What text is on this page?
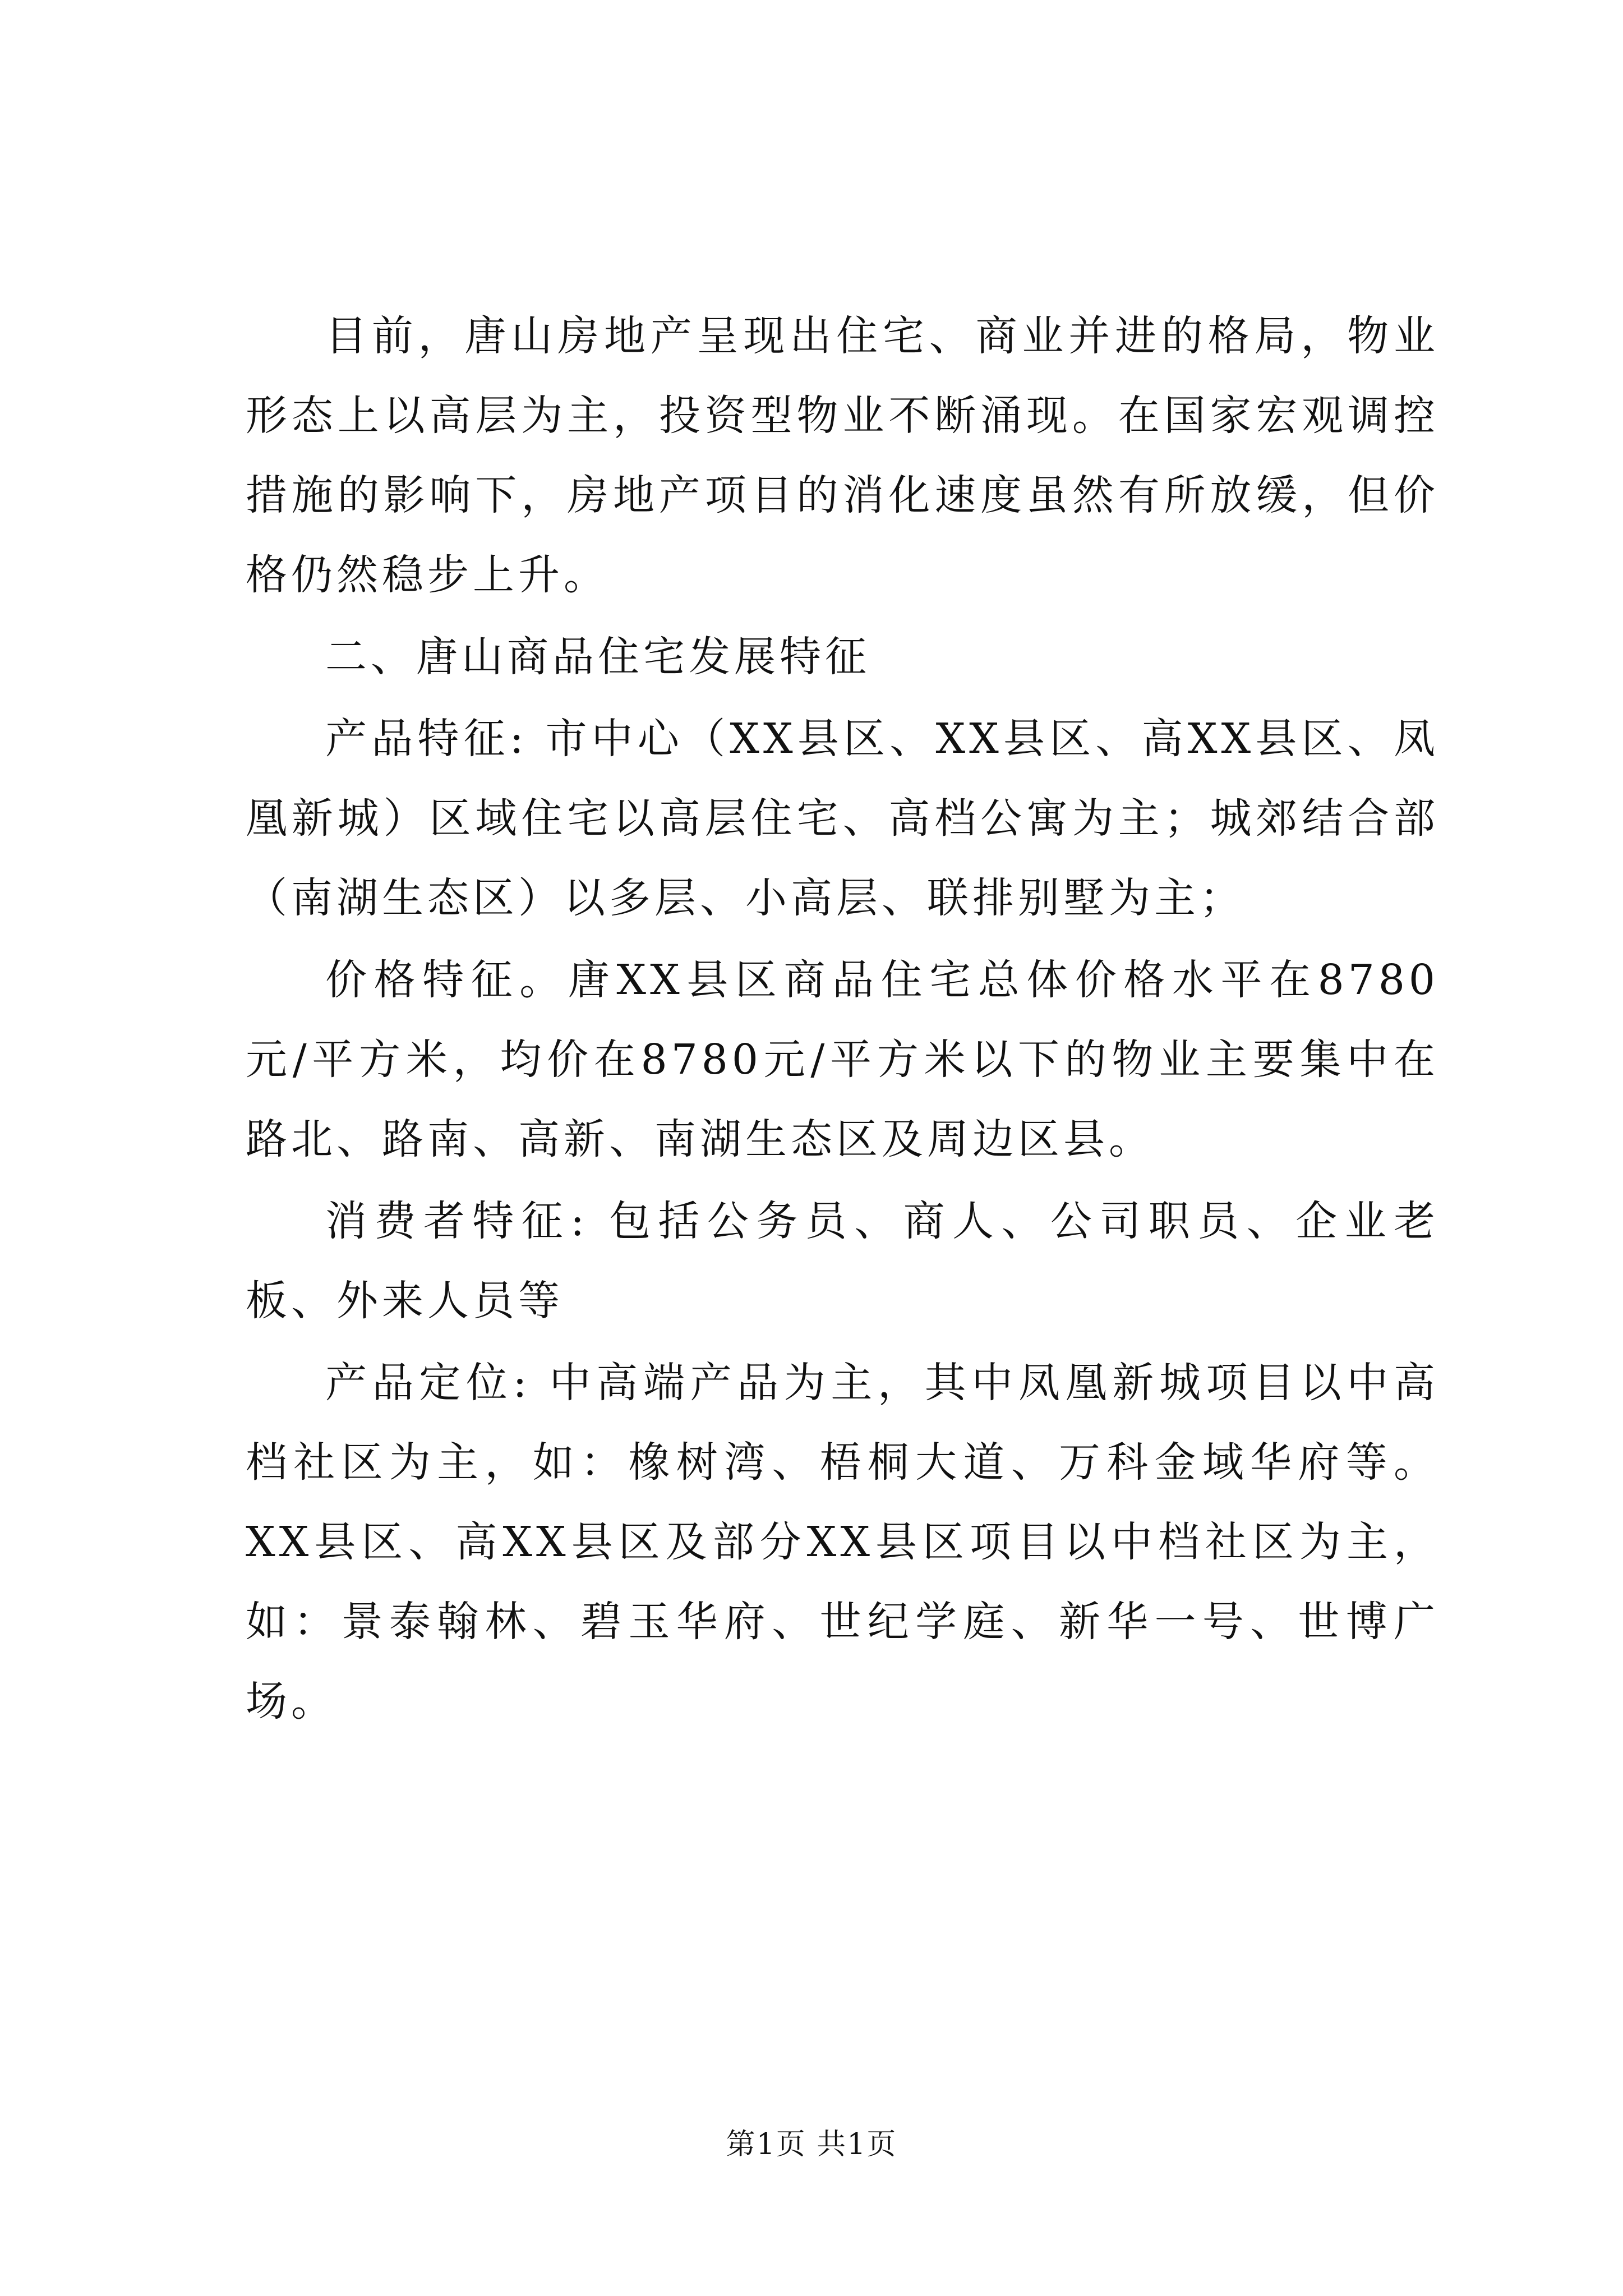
目前，唐山房地产呈现出住宅、商业并进的格局，物业形态上以高层为主，投资型物业不断涌现。在国家宏观调控措施的影响下，房地产项目的消化速度虽然有所放缓，但价格仍然稳步上升。

二、唐山商品住宅发展特征

产品特征: 市中心（XX县区、XX县区、高XX县区、凤凰新城）区域住宅以高层住宅、高档公寓为主；城郊结合部（南湖生态区）以多层、小高层、联排别墅为主；

价格特征。唐XX县区商品住宅总体价格水平在8780元/平方米，均价在8780元/平方米以下的物业主要集中在路北、路南、高新、南湖生态区及周边区县。

消费者特征: 包括公务员、商人、公司职员、企业老板、外来人员等

产品定位: 中高端产品为主，其中凤凰新城项目以中高档社区为主，如：橡树湾、梧桐大道、万科金域华府等。XX县区、高XX县区及部分XX县区项目以中档社区为主，如：景泰翰林、碧玉华府、世纪学庭、新华一号、世博广场。

第1页 共1页
